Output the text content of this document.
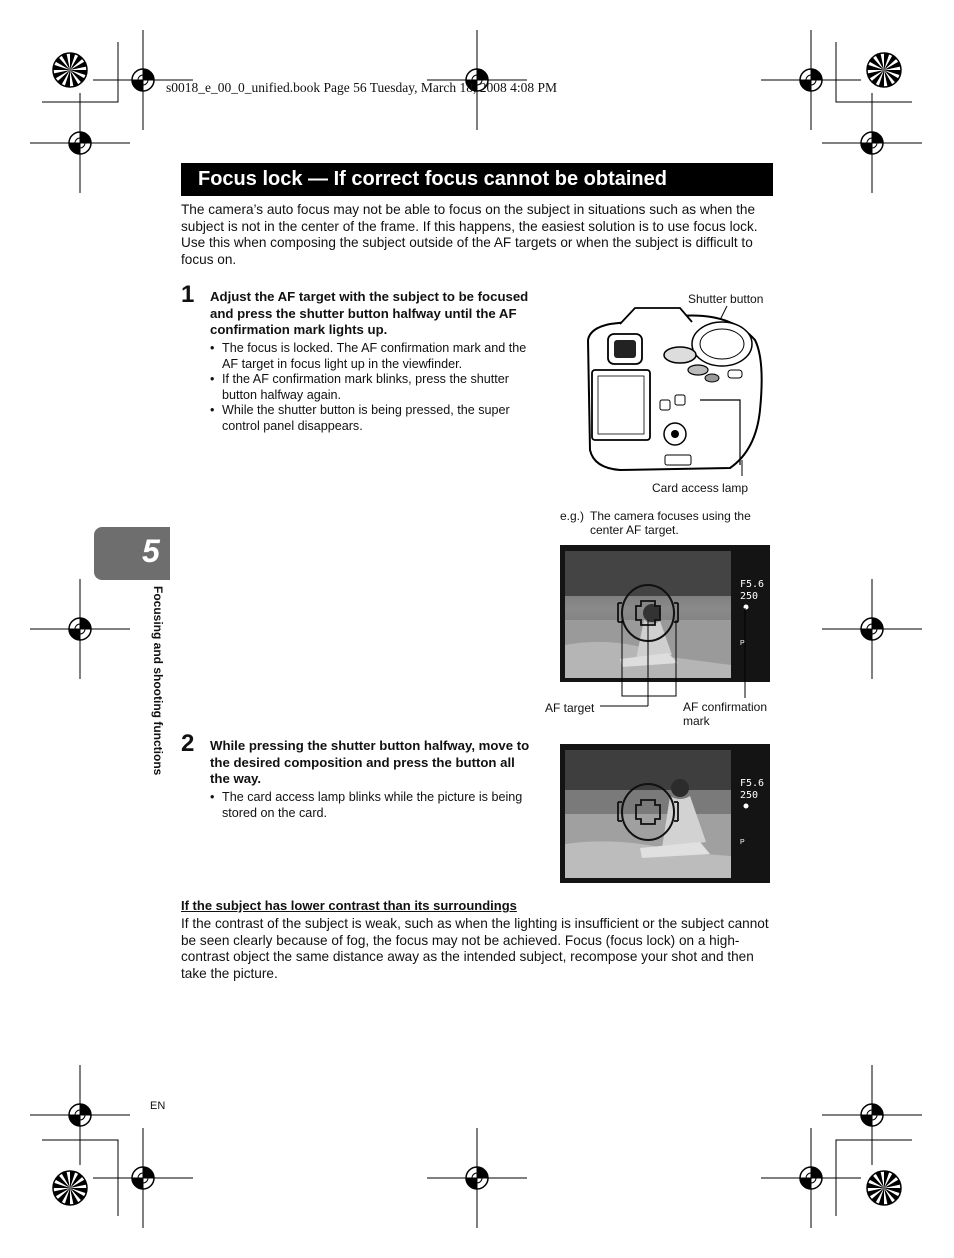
s0018_e_00_0_unified.book Page 56 Tuesday, March 18, 2008 4:08 PM
Focus lock — If correct focus cannot be obtained
The camera’s auto focus may not be able to focus on the subject in situations such as when the subject is not in the center of the frame. If this happens, the easiest solution is to use focus lock. Use this when composing the subject outside of the AF targets or when the subject is difficult to focus on.
1 Adjust the AF target with the subject to be focused and press the shutter button halfway until the AF confirmation mark lights up.
• The focus is locked. The AF confirmation mark and the AF target in focus light up in the viewfinder.
• If the AF confirmation mark blinks, press the shutter button halfway again.
• While the shutter button is being pressed, the super control panel disappears.
Shutter button
Card access lamp
e.g.) The camera focuses using the center AF target.
F5.6
250
P
AF target	AF confirmation mark
2 While pressing the shutter button halfway, move to the desired composition and press the button all the way.
• The card access lamp blinks while the picture is being stored on the card.
F5.6
250
P
5
Focusing and shooting functions
If the subject has lower contrast than its surroundings
If the contrast of the subject is weak, such as when the lighting is insufficient or the subject cannot be seen clearly because of fog, the focus may not be achieved. Focus (focus lock) on a high-contrast object the same distance away as the intended subject, recompose your shot and then take the picture.
EN
